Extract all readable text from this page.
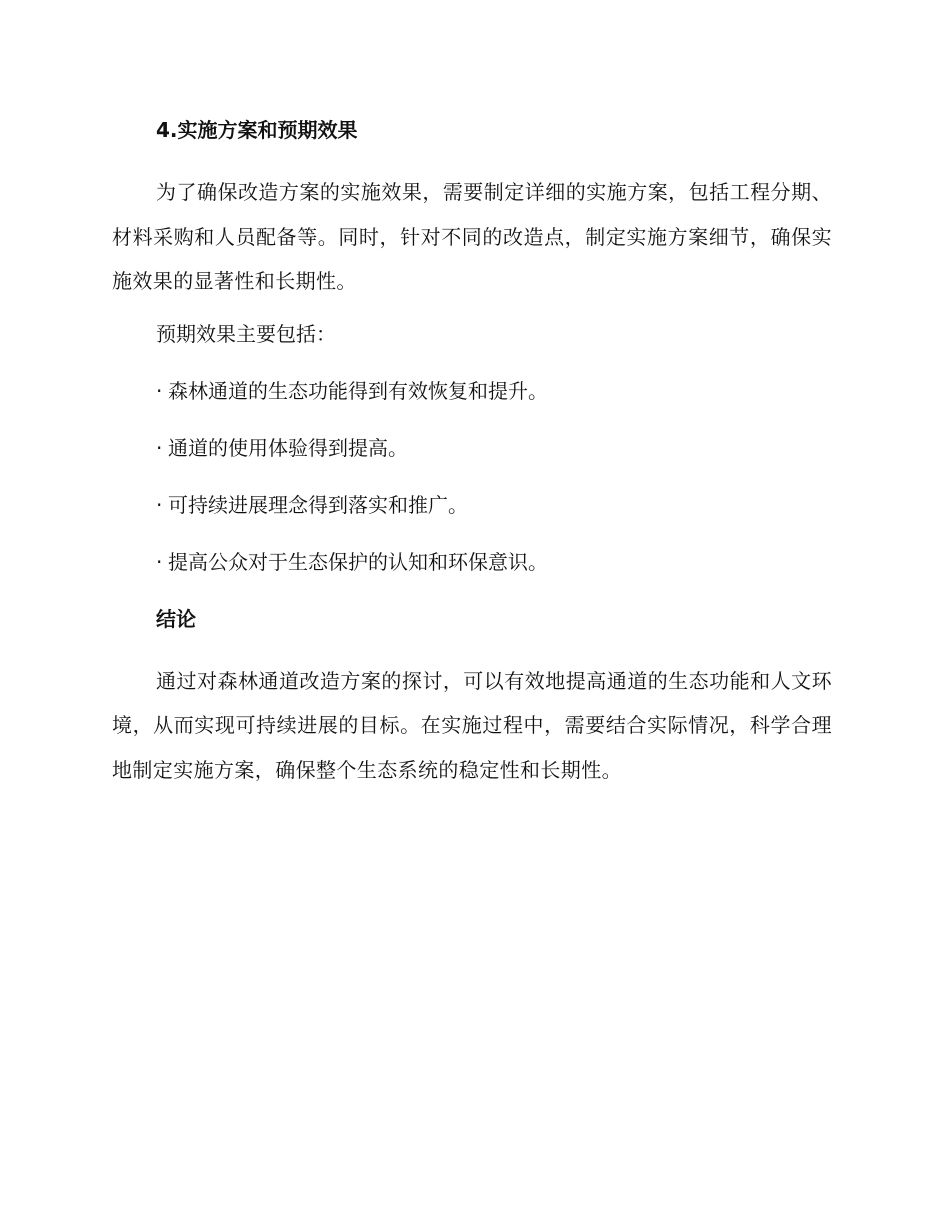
4.实施方案和预期效果
为了确保改造方案的实施效果，需要制定详细的实施方案，包括工程分期、材料采购和人员配备等。同时，针对不同的改造点，制定实施方案细节，确保实施效果的显著性和长期性。
预期效果主要包括：
· 森林通道的生态功能得到有效恢复和提升。
· 通道的使用体验得到提高。
· 可持续进展理念得到落实和推广。
· 提高公众对于生态保护的认知和环保意识。
结论
通过对森林通道改造方案的探讨，可以有效地提高通道的生态功能和人文环境，从而实现可持续进展的目标。在实施过程中，需要结合实际情况，科学合理地制定实施方案，确保整个生态系统的稳定性和长期性。
